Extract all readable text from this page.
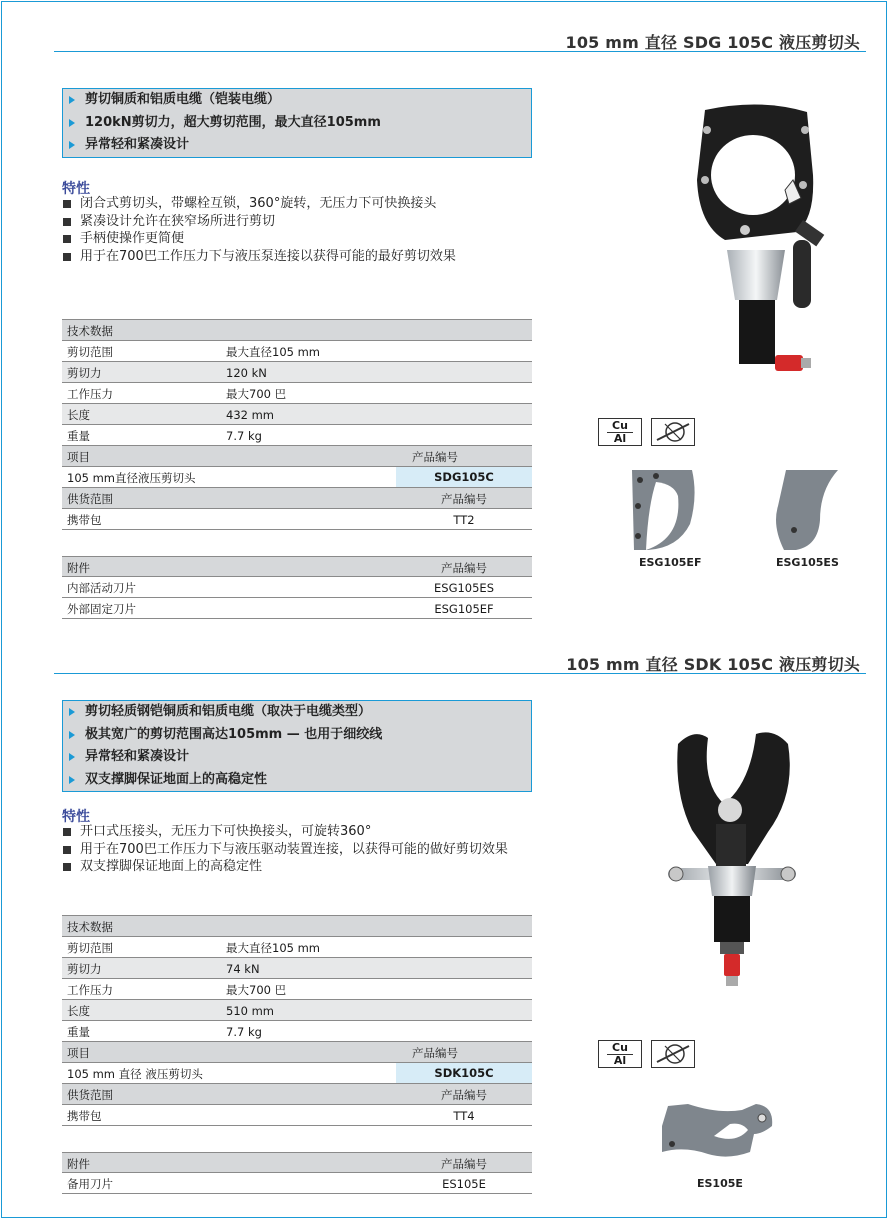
105 mm 直径 SDG 105C 液压剪切头
剪切铜质和铝质电缆（铠装电缆）
120kN剪切力，超大剪切范围，最大直径105mm
异常轻和紧凑设计
特性
闭合式剪切头，带螺栓互锁，360°旋转，无压力下可快换接头
紧凑设计允许在狭窄场所进行剪切
手柄使操作更简便
用于在700巴工作压力下与液压泵连接以获得可能的最好剪切效果
技术数据
剪切范围	最大直径105 mm
剪切力	120 kN
工作压力	最大700 巴
长度	432 mm
重量	7.7 kg
项目	产品编号
105 mm直径液压剪切头	SDG105C
供货范围	产品编号
携带包	TT2
附件	产品编号
内部活动刀片	ESG105ES
外部固定刀片	ESG105EF
Cu
Al
ESG105EF	ESG105ES
105 mm 直径 SDK 105C 液压剪切头
剪切轻质钢铠铜质和铝质电缆（取决于电缆类型）
极其宽广的剪切范围高达105mm — 也用于细绞线
异常轻和紧凑设计
双支撑脚保证地面上的高稳定性
特性
开口式压接头，无压力下可快换接头，可旋转360°
用于在700巴工作压力下与液压驱动装置连接，以获得可能的做好剪切效果
双支撑脚保证地面上的高稳定性
技术数据
剪切范围	最大直径105 mm
剪切力	74 kN
工作压力	最大700 巴
长度	510 mm
重量	7.7 kg
项目	产品编号
105 mm 直径 液压剪切头	SDK105C
供货范围	产品编号
携带包	TT4
附件	产品编号
备用刀片	ES105E
Cu
Al
ES105E
